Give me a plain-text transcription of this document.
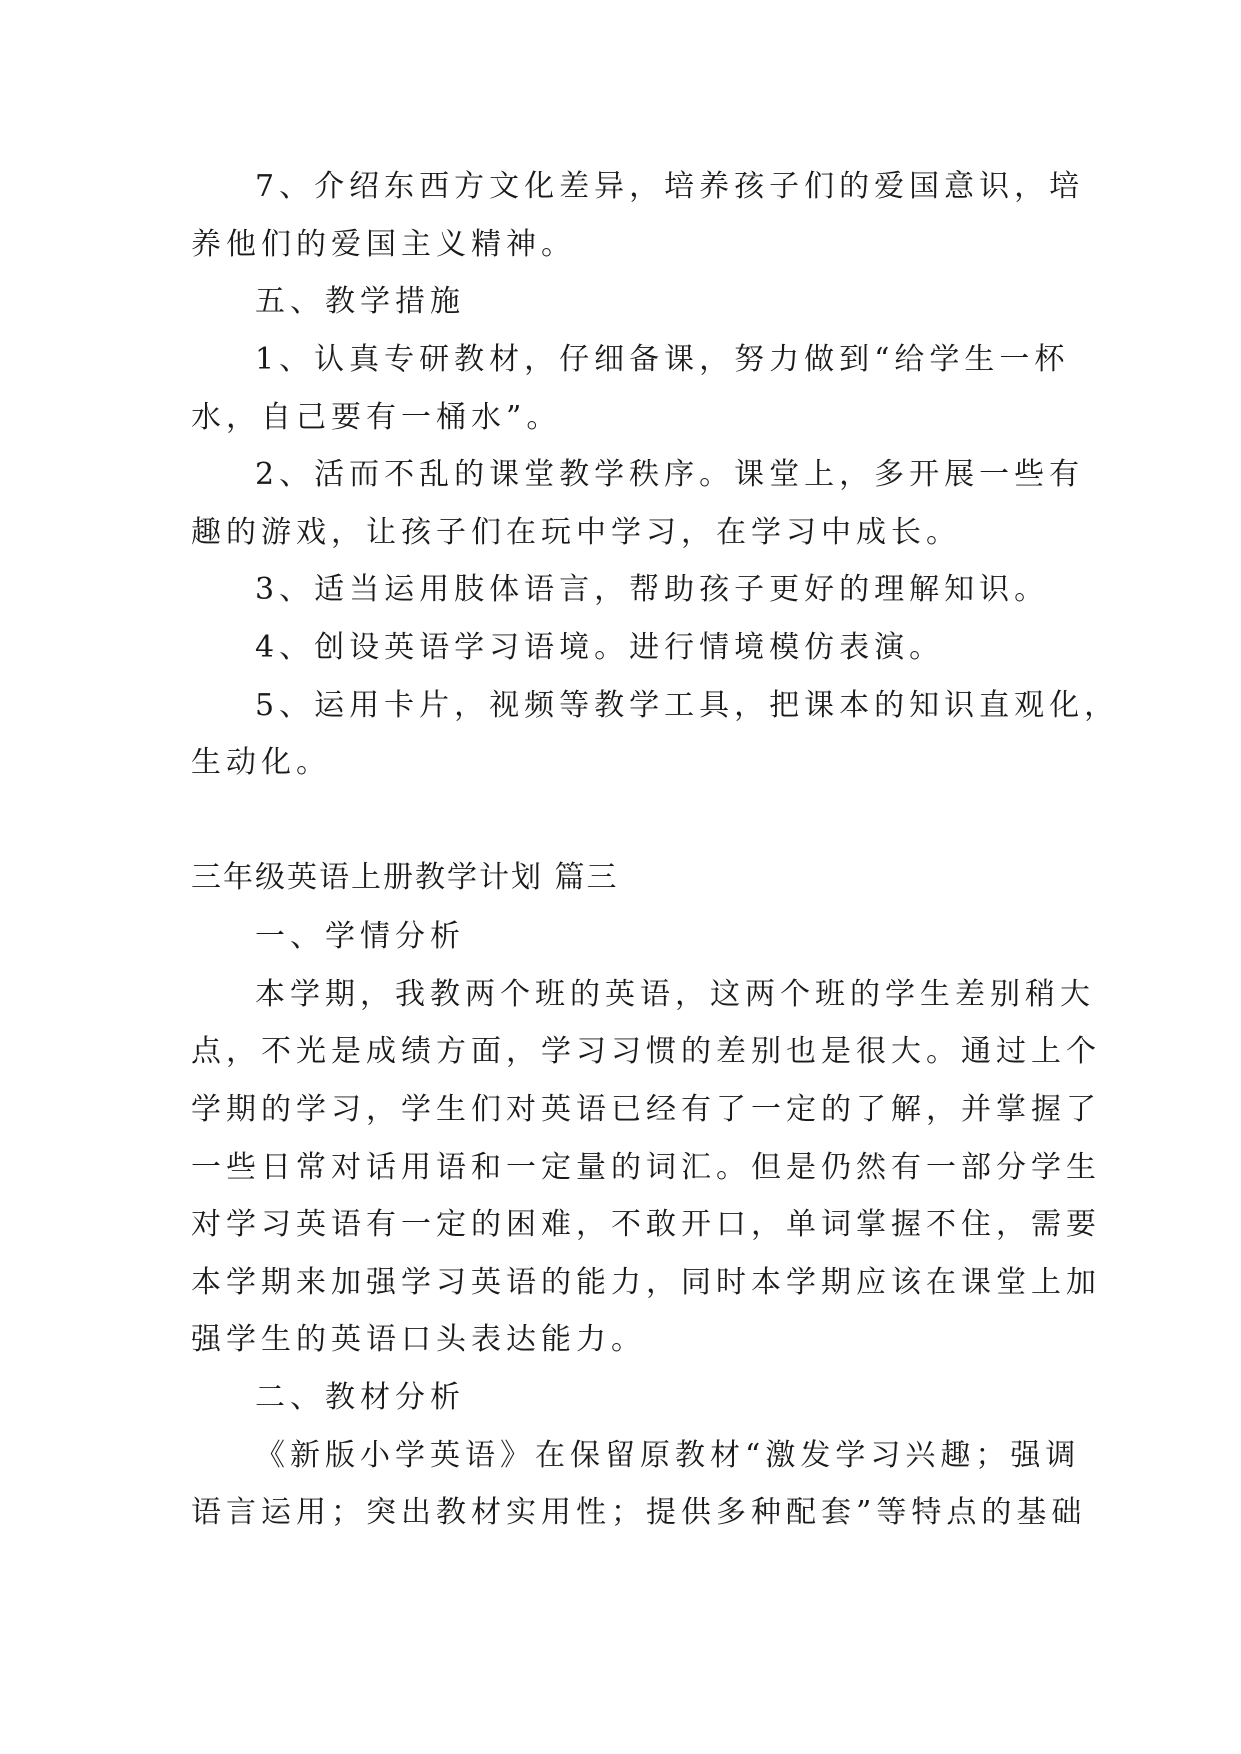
7、介绍东西方文化差异，培养孩子们的爱国意识，培
养他们的爱国主义精神。
五、教学措施
1、认真专研教材，仔细备课，努力做到“给学生一杯
水，自己要有一桶水”。
2、活而不乱的课堂教学秩序。课堂上，多开展一些有
趣的游戏，让孩子们在玩中学习，在学习中成长。
3、适当运用肢体语言，帮助孩子更好的理解知识。
4、创设英语学习语境。进行情境模仿表演。
5、运用卡片，视频等教学工具，把课本的知识直观化，
生动化。
三年级英语上册教学计划 篇三
一、学情分析
本学期，我教两个班的英语，这两个班的学生差别稍大
点，不光是成绩方面，学习习惯的差别也是很大。通过上个
学期的学习，学生们对英语已经有了一定的了解，并掌握了
一些日常对话用语和一定量的词汇。但是仍然有一部分学生
对学习英语有一定的困难，不敢开口，单词掌握不住，需要
本学期来加强学习英语的能力，同时本学期应该在课堂上加
强学生的英语口头表达能力。
二、教材分析
《新版小学英语》在保留原教材“激发学习兴趣；强调
语言运用；突出教材实用性；提供多种配套”等特点的基础
